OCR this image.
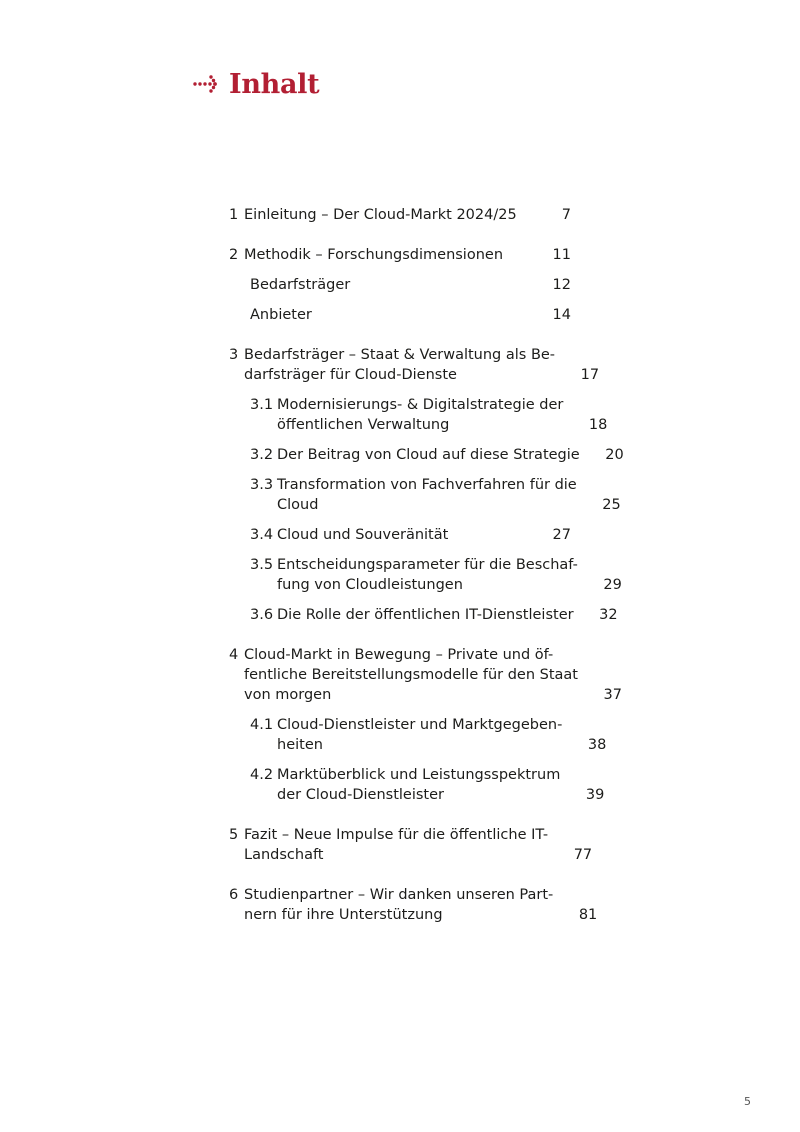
Inhalt
1 Einleitung – Der Cloud-Markt 2024/25	7
2 Methodik – Forschungsdimensionen	11
Bedarfsträger	12
Anbieter	14
3 Bedarfsträger – Staat & Verwaltung als Be-
darfsträger für Cloud-Dienste	17
3.1 Modernisierungs- & Digitalstrategie der
öffentlichen Verwaltung	18
3.2 Der Beitrag von Cloud auf diese Strategie	20
3.3 Transformation von Fachverfahren für die
Cloud	25
3.4 Cloud und Souveränität	27
3.5 Entscheidungsparameter für die Beschaf-
fung von Cloudleistungen	29
3.6 Die Rolle der öffentlichen IT-Dienstleister	32
4 Cloud-Markt in Bewegung – Private und öf-
fentliche Bereitstellungsmodelle für den Staat
von morgen	37
4.1 Cloud-Dienstleister und Marktgegeben-
heiten	38
4.2 Marktüberblick und Leistungsspektrum
der Cloud-Dienstleister	39
5 Fazit – Neue Impulse für die öffentliche IT-
Landschaft	77
6 Studienpartner – Wir danken unseren Part-
nern für ihre Unterstützung	81
5
